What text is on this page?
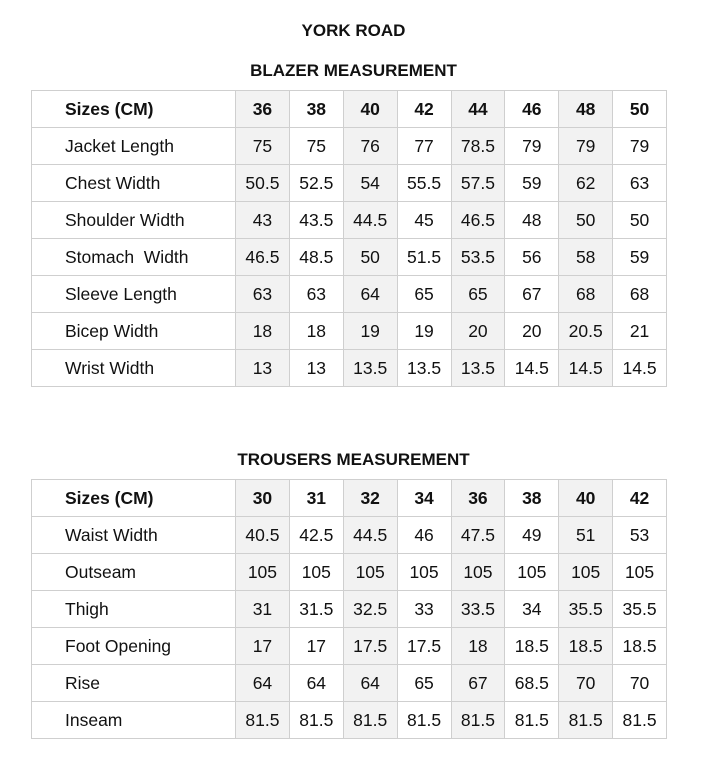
YORK ROAD
BLAZER MEASUREMENT
Sizes (CM)	36	38	40	42	44	46	48	50
Jacket Length	75	75	76	77	78.5	79	79	79
Chest Width	50.5	52.5	54	55.5	57.5	59	62	63
Shoulder Width	43	43.5	44.5	45	46.5	48	50	50
Stomach  Width	46.5	48.5	50	51.5	53.5	56	58	59
Sleeve Length	63	63	64	65	65	67	68	68
Bicep Width	18	18	19	19	20	20	20.5	21
Wrist Width	13	13	13.5	13.5	13.5	14.5	14.5	14.5
TROUSERS MEASUREMENT
Sizes (CM)	30	31	32	34	36	38	40	42
Waist Width	40.5	42.5	44.5	46	47.5	49	51	53
Outseam	105	105	105	105	105	105	105	105
Thigh	31	31.5	32.5	33	33.5	34	35.5	35.5
Foot Opening	17	17	17.5	17.5	18	18.5	18.5	18.5
Rise	64	64	64	65	67	68.5	70	70
Inseam	81.5	81.5	81.5	81.5	81.5	81.5	81.5	81.5
